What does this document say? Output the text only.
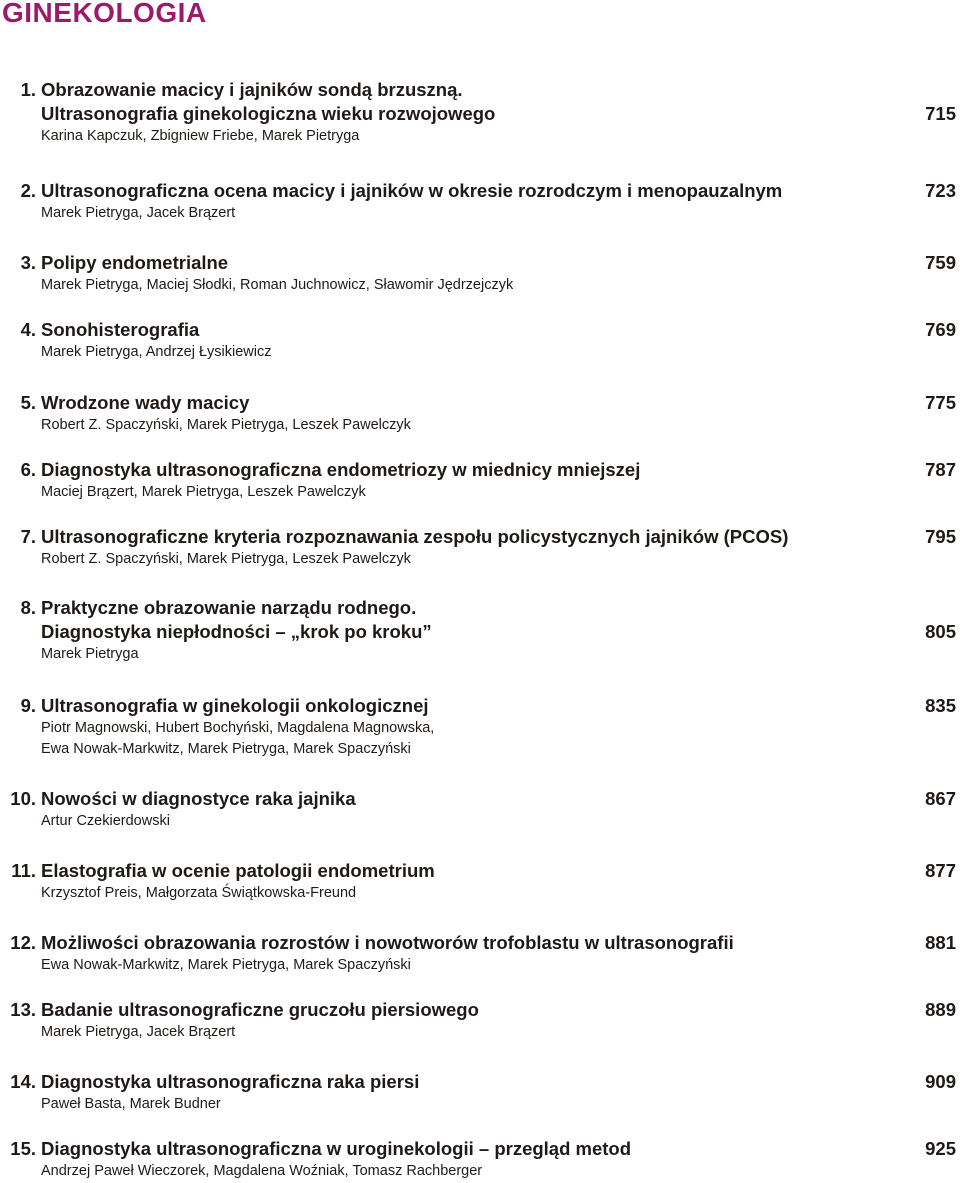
GINEKOLOGIA
1. Obrazowanie macicy i jajników sondą brzuszną.
Ultrasonografia ginekologiczna wieku rozwojowego
Karina Kapczuk, Zbigniew Friebe, Marek Pietryga
715
2. Ultrasonograficzna ocena macicy i jajników w okresie rozrodczym i menopauzalnym
Marek Pietryga, Jacek Brązert
723
3. Polipy endometrialne
Marek Pietryga, Maciej Słodki, Roman Juchnowicz, Sławomir Jędrzejczyk
759
4. Sonohisterografia
Marek Pietryga, Andrzej Łysikiewicz
769
5. Wrodzone wady macicy
Robert Z. Spaczyński, Marek Pietryga, Leszek Pawelczyk
775
6. Diagnostyka ultrasonograficzna endometriozy w miednicy mniejszej
Maciej Brązert, Marek Pietryga, Leszek Pawelczyk
787
7. Ultrasonograficzne kryteria rozpoznawania zespołu policystycznych jajników (PCOS)
Robert Z. Spaczyński, Marek Pietryga, Leszek Pawelczyk
795
8. Praktyczne obrazowanie narządu rodnego.
Diagnostyka niepłodności – „krok po kroku”
Marek Pietryga
805
9. Ultrasonografia w ginekologii onkologicznej
Piotr Magnowski, Hubert Bochyński, Magdalena Magnowska,
Ewa Nowak-Markwitz, Marek Pietryga, Marek Spaczyński
835
10. Nowości w diagnostyce raka jajnika
Artur Czekierdowski
867
11. Elastografia w ocenie patologii endometrium
Krzysztof Preis, Małgorzata Świątkowska-Freund
877
12. Możliwości obrazowania rozrostów i nowotworów trofoblastu w ultrasonografii
Ewa Nowak-Markwitz, Marek Pietryga, Marek Spaczyński
881
13. Badanie ultrasonograficzne gruczołu piersiowego
Marek Pietryga, Jacek Brązert
889
14. Diagnostyka ultrasonograficzna raka piersi
Paweł Basta, Marek Budner
909
15. Diagnostyka ultrasonograficzna w uroginekologii – przegląd metod
Andrzej Paweł Wieczorek, Magdalena Woźniak, Tomasz Rachberger
925
